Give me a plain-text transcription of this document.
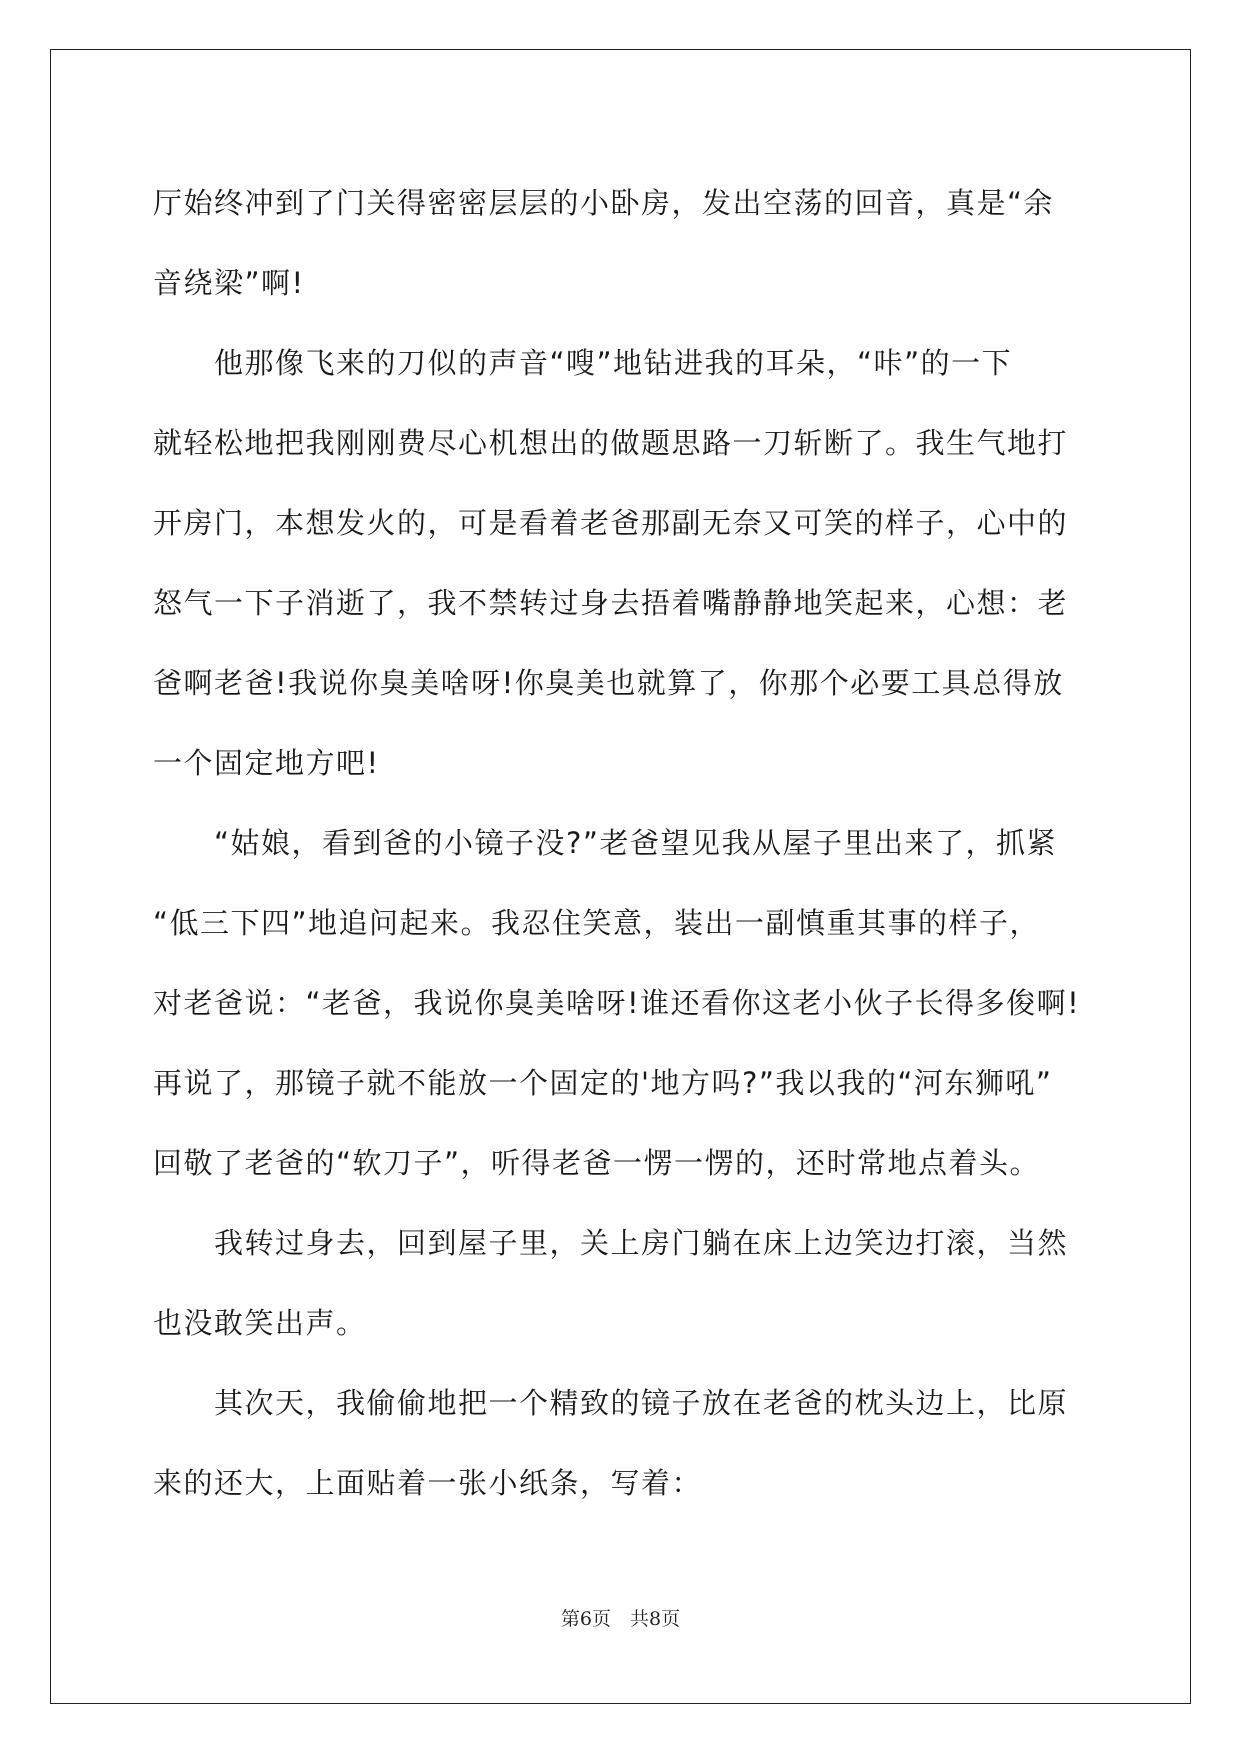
厅始终冲到了门关得密密层层的小卧房，发出空荡的回音，真是“余
音绕梁”啊!
　　他那像飞来的刀似的声音“嗖”地钻进我的耳朵，“咔”的一下
就轻松地把我刚刚费尽心机想出的做题思路一刀斩断了。我生气地打
开房门，本想发火的，可是看着老爸那副无奈又可笑的样子，心中的
怒气一下子消逝了，我不禁转过身去捂着嘴静静地笑起来，心想：老
爸啊老爸!我说你臭美啥呀!你臭美也就算了，你那个必要工具总得放
一个固定地方吧!
　　“姑娘，看到爸的小镜子没?”老爸望见我从屋子里出来了，抓紧
“低三下四”地追问起来。我忍住笑意，装出一副慎重其事的样子，
对老爸说：“老爸，我说你臭美啥呀!谁还看你这老小伙子长得多俊啊!
再说了，那镜子就不能放一个固定的'地方吗?”我以我的“河东狮吼”
回敬了老爸的“软刀子”，听得老爸一愣一愣的，还时常地点着头。
　　我转过身去，回到屋子里，关上房门躺在床上边笑边打滚，当然
也没敢笑出声。
　　其次天，我偷偷地把一个精致的镜子放在老爸的枕头边上，比原
来的还大，上面贴着一张小纸条，写着：
第6页　共8页
